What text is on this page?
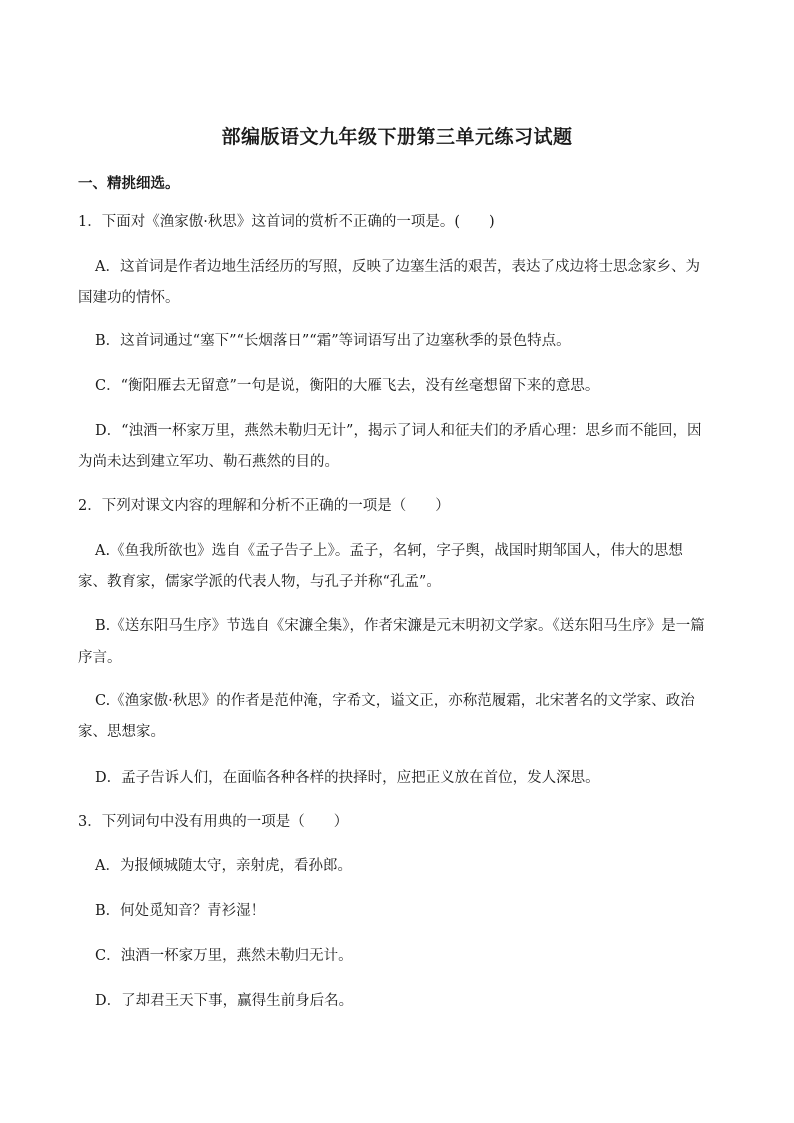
部编版语文九年级下册第三单元练习试题
一、精挑细选。
1．下面对《渔家傲·秋思》这首词的赏析不正确的一项是。(　　)
A．这首词是作者边地生活经历的写照，反映了边塞生活的艰苦，表达了戍边将士思念家乡、为
国建功的情怀。
B．这首词通过“塞下”“长烟落日”“霜”等词语写出了边塞秋季的景色特点。
C．“衡阳雁去无留意”一句是说，衡阳的大雁飞去，没有丝毫想留下来的意思。
D．“浊酒一杯家万里，燕然未勒归无计”，揭示了词人和征夫们的矛盾心理：思乡而不能回，因
为尚未达到建立军功、勒石燕然的目的。
2．下列对课文内容的理解和分析不正确的一项是（　　）
A.《鱼我所欲也》选自《孟子告子上》。孟子，名轲，字子舆，战国时期邹国人，伟大的思想
家、教育家，儒家学派的代表人物，与孔子并称“孔孟”。
B.《送东阳马生序》节选自《宋濂全集》，作者宋濂是元末明初文学家。《送东阳马生序》是一篇
序言。
C.《渔家傲·秋思》的作者是范仲淹，字希文，谥文正，亦称范履霜，北宋著名的文学家、政治
家、思想家。
D．孟子告诉人们，在面临各种各样的抉择时，应把正义放在首位，发人深思。
3．下列词句中没有用典的一项是（　　）
A．为报倾城随太守，亲射虎，看孙郎。
B．何处觅知音？青衫湿！
C．浊酒一杯家万里，燕然未勒归无计。
D．了却君王天下事，赢得生前身后名。
